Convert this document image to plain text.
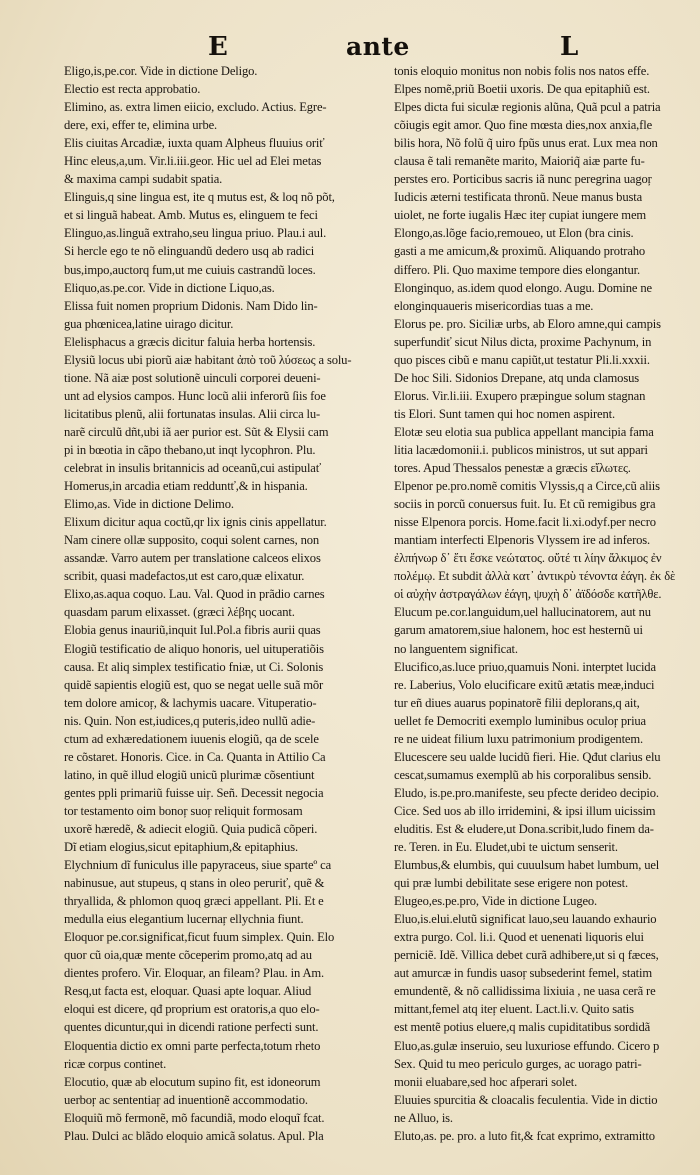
E	ante	L
Eligo,is,pe.cor. Vide in dictione Deligo.
Electio est recta approbatio.
Elimino, as. extra limen eiicio, excludo. Actius. Egre-
dere, exi, effer te, elimina urbe.
Elis ciuitas Arcadiæ, iuxta quam Alpheus fluuius oriť
Hinc eleus,a,um. Vir.li.iii.geor. Hic uel ad Elei metas
& maxima campi sudabit spatia.
Elinguis,q sine lingua est, ite q mutus est, & loq nõ põt,
et si linguã habeat. Amb. Mutus es, elinguem te feci
Elinguo,as.linguã extraho,seu lingua priuo. Plau.i aul.
Si hercle ego te nõ elinguandũ dedero usq ab radici
bus,impo,auctorq fum,ut me cuiuis castrandũ loces.
Eliquo,as.pe.cor. Vide in dictione Liquo,as.
Elissa fuit nomen proprium Didonis. Nam Dido lin-
gua phœnicea,latine uirago dicitur.
Elelisphacus a græcis dicitur faluia herba hortensis.
Elysiũ locus ubi piorũ aiæ habitant ἀπὸ τοῦ λύσεως a solu-
tione. Nã aiæ post solutionẽ uinculi corporei deueni-
unt ad elysios campos. Hunc locũ alii inferorũ ſiis foe
licitatibus plenũ, alii fortunatas insulas. Alii circa lu-
narẽ circulũ dñt,ubi iã aer purior est. Sũt & Elysii cam
pi in bœotia in cãpo thebano,ut inqt lycophron. Plu.
celebrat in insulis britannicis ad oceanũ,cui astipulať
Homerus,in arcadia etiam redduntť,& in hispania.
Elimo,as. Vide in dictione Delimo.
Elixum dicitur aqua coctũ,qr lix ignis cinis appellatur.
Nam cinere ollæ supposito, coqui solent carnes, non
assandæ. Varro autem per translatione calceos elixos
scribit, quasi madefactos,ut est caro,quæ elixatur.
Elixo,as.aqua coquo. Lau. Val. Quod in prãdio carnes
quasdam parum elixasset. (græci λέβης uocant.
Elobia genus inauriũ,inquit Iul.Pol.a fibris aurii quas
Elogiũ testificatio de aliquo honoris, uel uituperatiõis
causa. Et aliq simplex testificatio fniæ, ut Ci. Solonis
quidẽ sapientis elogiũ est, quo se negat uelle suã mõr
tem dolore amicoŗ, & lachymis uacare. Vituperatio-
nis. Quin. Non est,iudices,q puteris,ideo nullũ adie-
ctum ad exhæredationem iuuenis elogiũ, qa de scele
re cõstaret. Honoris. Cice. in Ca. Quanta in Attilio Ca
latino, in quẽ illud elogiũ unicũ plurimæ cõsentiunt
gentes ppli primariũ fuisse uiŗ. Señ. Decessit negocia
tor testamento oim bonoŗ suoŗ reliquit formosam
uxorẽ hæredẽ, & adiecit elogiũ. Quia pudicã cõperi.
Dĩ etiam elogius,sicut epitaphium,& epitaphius.
Elychnium dĩ funiculus ille papyraceus, siue sparteº ca
nabinusue, aut stupeus, q stans in oleo peruriť, quẽ &
thryallida, & phlomon quoq græci appellant. Pli. Et e
medulla eius elegantium lucernaŗ ellychnia fiunt.
Eloquor pe.cor.significat,ficut fuum simplex. Quin. Elo
quor cũ oia,quæ mente cõceperim promo,atq ad au
dientes profero. Vir. Eloquar, an fileam? Plau. in Am.
Resq,ut facta est, eloquar. Quasi apte loquar. Aliud
eloqui est dicere, qđ proprium est oratoris,a quo elo-
quentes dicuntur,qui in dicendi ratione perfecti sunt.
Eloquentia dictio ex omni parte perfecta,totum rheto
ricæ corpus continet.
Elocutio, quæ ab elocutum supino fit, est idoneorum
uerboŗ ac sententiaŗ ad inuentionẽ accommodatio.
Eloquiũ mõ fermonẽ, mõ facundiã, modo eloquĩ fcat.
Plau. Dulci ac blãdo eloquio amicã solatus. Apul. Pla
tonis eloquio monitus non nobis folis nos natos effe.
Elpes nomẽ,priũ Boetii uxoris. De qua epitaphiũ est.
Elpes dicta fui siculæ regionis alũna, Quã pcul a patria
cõiugis egit amor. Quo fine mœsta dies,nox anxia,fle
bilis hora, Nõ folũ q̃ uiro fpũs unus erat. Lux mea non
clausa ẽ tali remanẽte marito, Maioriq̃ aiæ parte fu-
perstes ero. Porticibus sacris iã nunc peregrina uagoŗ
Iudicis æterni testificata thronũ. Neue manus busta
uiolet, ne forte iugalis Hæc iteŗ cupiat iungere mem
Elongo,as.lõge facio,remoueo, ut Elon (bra cinis.
gasti a me amicum,& proximũ. Aliquando protraho
differo. Pli. Quo maxime tempore dies elongantur.
Elonginquo, as.idem quod elongo. Augu. Domine ne
elonginquaueris misericordias tuas a me.
Elorus pe. pro. Siciliæ urbs, ab Eloro amne,qui campis
superfundiť sicut Nilus dicta, proxime Pachynum, in
quo pisces cibũ e manu capiũt,ut testatur Pli.li.xxxii.
De hoc Sili. Sidonios Drepane, atq unda clamosus
Elorus. Vir.li.iii. Exupero præpingue solum stagnan
tis Elori. Sunt tamen qui hoc nomen aspirent.
Elotæ seu elotia sua publica appellant mancipia fama
litia lacædomonii.i. publicos ministros, ut sut appari
tores. Apud Thessalos penestæ a græcis εἴλωτες.
Elpenor pe.pro.nomẽ comitis Vlyssis,q a Circe,cũ aliis
sociis in porcũ conuersus fuit. Iu. Et cũ remigibus gra
nisse Elpenora porcis. Home.facit li.xi.odyf.per necro
mantiam interfecti Elpenoris Vlyssem ire ad inferos.
ἐλπήνωρ δ᾽ ἔτι ἔσκε νεώτατος. οὔτέ τι λίην ἄλκιμος ἐν
πολέμῳ. Et subdit ἀλλὰ κατ᾽ ἀντικρὺ τένοντα ἐάγη. ἐκ δὲ
οἱ αὐχὴν ἀστραγάλων ἐάγη, ψυχὴ δ᾽ ἀϊδόσδε κατῆλθε.
Elucum pe.cor.languidum,uel hallucinatorem, aut nu
garum amatorem,siue halonem, hoc est hesternũ ui
no languentem significat.
Elucifico,as.luce priuo,quamuis Noni. interptet lucida
re. Laberius, Volo elucificare exitũ ætatis meæ,induci
tur eñ diues auarus popinatorẽ filii deplorans,q ait,
uellet fe Democriti exemplo luminibus oculoŗ priua
re ne uideat filium luxu patrimonium prodigentem.
Elucescere seu ualde lucidũ fieri. Hie. Qđut clarius elu
cescat,sumamus exemplũ ab his corporalibus sensib.
Eludo, is.pe.pro.manifeste, seu pfecte derideo decipio.
Cice. Sed uos ab illo irridemini, & ipsi illum uicissim
eluditis. Est & eludere,ut Dona.scribit,ludo finem da-
re. Teren. in Eu. Eludet,ubi te uictum senserit.
Elumbus,& elumbis, qui cuuulsum habet lumbum, uel
qui præ lumbi debilitate sese erigere non potest.
Elugeo,es.pe.pro, Vide in dictione Lugeo.
Eluo,is.elui.elutũ significat lauo,seu lauando exhaurio
extra purgo. Col. li.i. Quod et uenenati liquoris elui
perniciẽ. Idẽ. Villica debet curã adhibere,ut si q fæces,
aut amurcæ in fundis uasoŗ subsederint femel, statim
emundentẽ, & nõ callidissima lixiuia , ne uasa cerã re
mittant,femel atq iteŗ eluent. Lact.li.v. Quito satis
est mentẽ potius eluere,q malis cupiditatibus sordidã
Eluo,as.gulæ inseruio, seu luxuriose effundo. Cicero p
Sex. Quid tu meo periculo gurges, ac uorago patri-
monii eluabare,sed hoc afperari solet.
Eluuies spurcitia & cloacalis feculentia. Vide in dictio
ne Alluo, is.
Eluto,as. pe. pro. a luto fit,& fcat exprimo, extramitto
